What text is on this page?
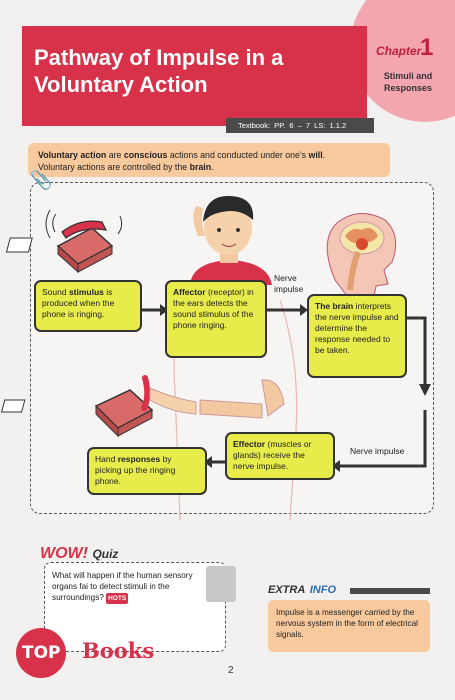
Pathway of Impulse in a Voluntary Action
Chapter
1
Stimuli and Responses
Textbook: PP. 6 – 7 LS: 1.1.2
Voluntary action are conscious actions and conducted under one's will.
Voluntary actions are controlled by the brain.
📎
Sound stimulus is produced when the phone is ringing.
Affector (receptor) in the ears detects the sound stimulus of the phone ringing.
The brain interprets the nerve impulse and determine the response needed to be taken.
Effector (muscles or glands) receive the nerve impulse.
Hand responses by picking up the ringing phone.
Nerve impulse
Nerve impulse
WOW! Quiz
What will happen if the human sensory organs fai to detect stimuli in the surroundings? HOTS
EXTRA INFO
Impulse is a messenger carried by the nervous system in the form of electrical signals.
TOP Books
2
